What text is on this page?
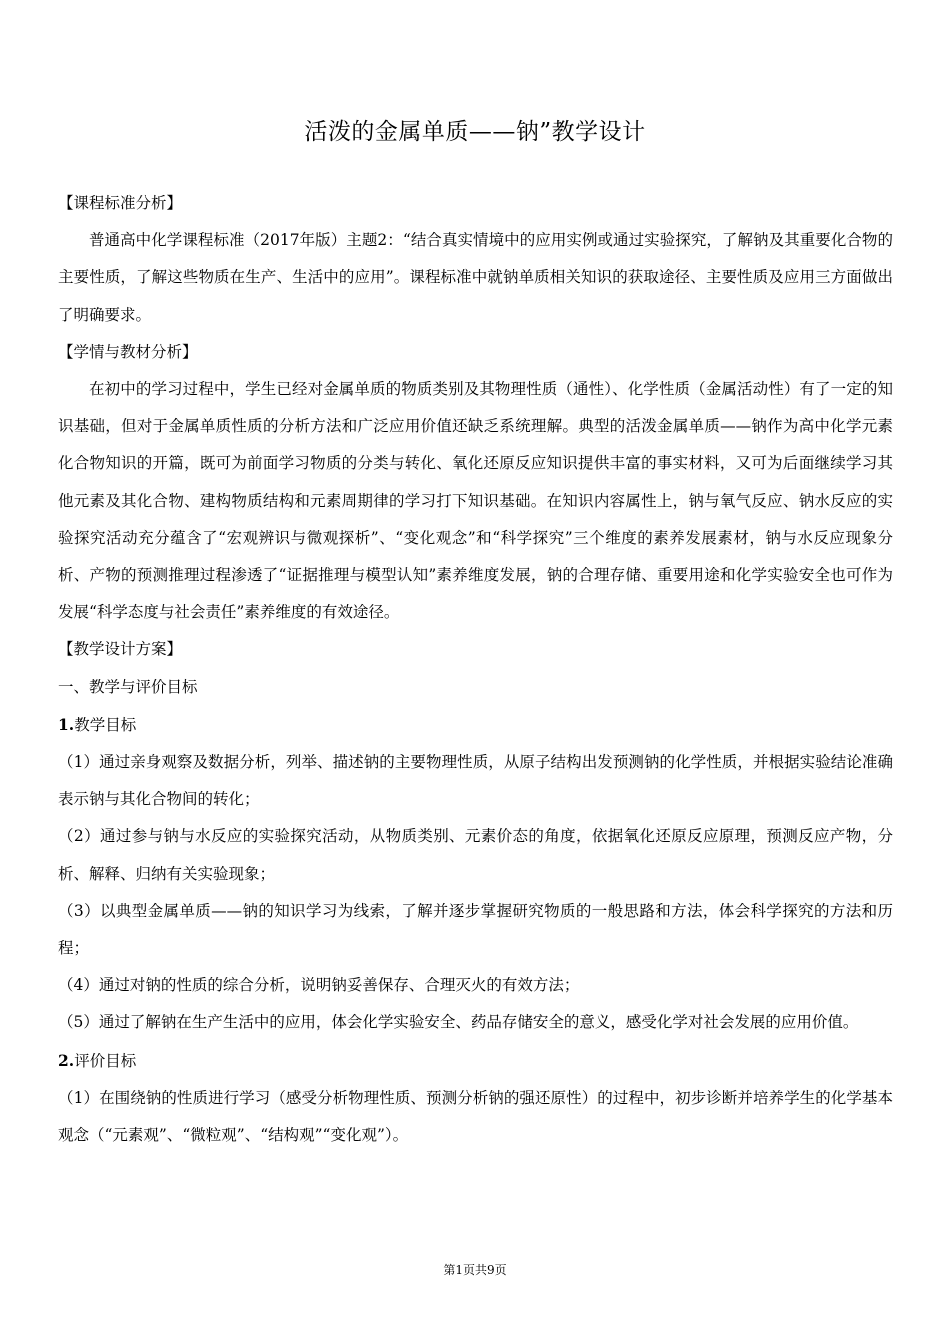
活泼的金属单质——钠”教学设计

【课程标准分析】

普通高中化学课程标准（2017年版）主题2：“结合真实情境中的应用实例或通过实验探究，了解钠及其重要化合物的主要性质，了解这些物质在生产、生活中的应用”。课程标准中就钠单质相关知识的获取途径、主要性质及应用三方面做出了明确要求。

【学情与教材分析】

在初中的学习过程中，学生已经对金属单质的物质类别及其物理性质（通性）、化学性质（金属活动性）有了一定的知识基础，但对于金属单质性质的分析方法和广泛应用价值还缺乏系统理解。典型的活泼金属单质——钠作为高中化学元素化合物知识的开篇，既可为前面学习物质的分类与转化、氧化还原反应知识提供丰富的事实材料，又可为后面继续学习其他元素及其化合物、建构物质结构和元素周期律的学习打下知识基础。在知识内容属性上，钠与氧气反应、钠水反应的实验探究活动充分蕴含了“宏观辨识与微观探析”、“变化观念”和“科学探究”三个维度的素养发展素材，钠与水反应现象分析、产物的预测推理过程渗透了“证据推理与模型认知”素养维度发展，钠的合理存储、重要用途和化学实验安全也可作为发展“科学态度与社会责任”素养维度的有效途径。

【教学设计方案】

一、教学与评价目标

1.教学目标

（1）通过亲身观察及数据分析，列举、描述钠的主要物理性质，从原子结构出发预测钠的化学性质，并根据实验结论准确表示钠与其化合物间的转化；

（2）通过参与钠与水反应的实验探究活动，从物质类别、元素价态的角度，依据氧化还原反应原理，预测反应产物，分析、解释、归纳有关实验现象；

（3）以典型金属单质——钠的知识学习为线索，了解并逐步掌握研究物质的一般思路和方法，体会科学探究的方法和历程；

（4）通过对钠的性质的综合分析，说明钠妥善保存、合理灭火的有效方法；

（5）通过了解钠在生产生活中的应用，体会化学实验安全、药品存储安全的意义，感受化学对社会发展的应用价值。

2.评价目标

（1）在围绕钠的性质进行学习（感受分析物理性质、预测分析钠的强还原性）的过程中，初步诊断并培养学生的化学基本观念（“元素观”、“微粒观”、“结构观”“变化观”）。

第1页共9页
